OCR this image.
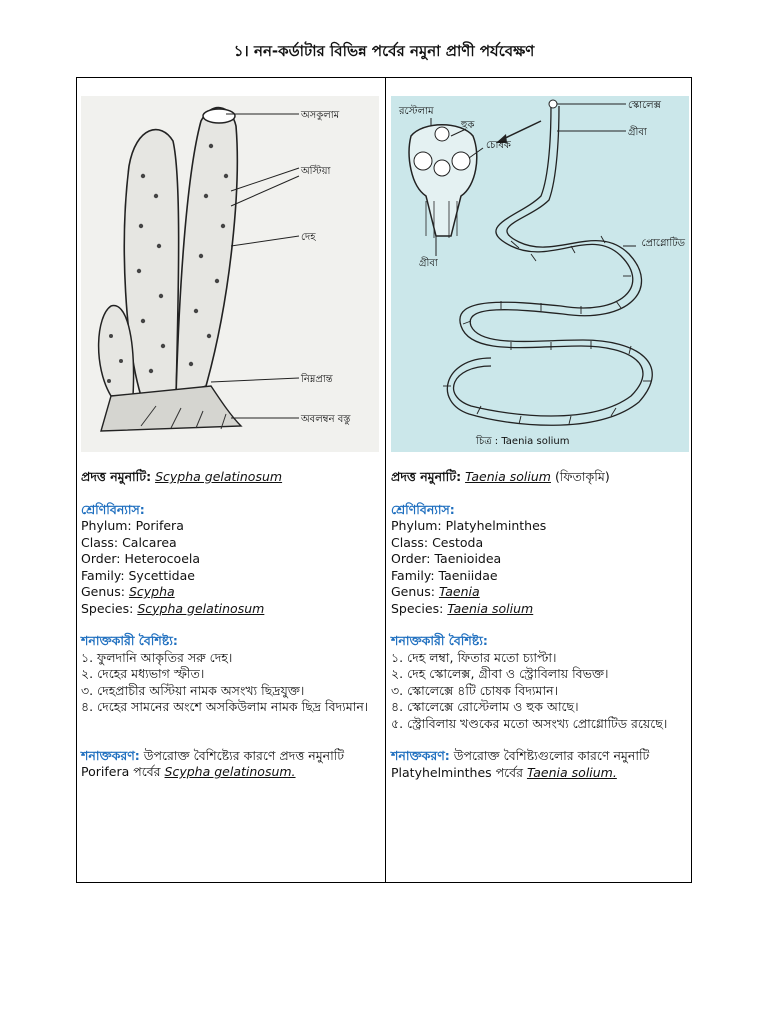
১। নন-কর্ডাটার বিভিন্ন পর্বের নমুনা প্রাণী পর্যবেক্ষণ
অসকুলাম
অস্টিয়া
দেহ
নিম্নপ্রান্ত
অবলম্বন বস্তু

প্রদত্ত নমুনাটি: Scypha gelatinosum

শ্রেণিবিন্যাস:

Phylum: Porifera

Class: Calcarea

Order: Heterocoela

Family: Sycettidae

Genus: Scypha

Species: Scypha gelatinosum

শনাক্তকারী বৈশিষ্ট্য:

১. ফুলদানি আকৃতির সরু দেহ।

২. দেহের মধ্যভাগ স্ফীত।

৩. দেহপ্রাচীর অস্টিয়া নামক অসংখ্য ছিদ্রযুক্ত।

৪. দেহের সামনের অংশে অসকিউলাম নামক ছিদ্র বিদ্যমান।

শনাক্তকরণ: উপরোক্ত বৈশিষ্ট্যের কারণে প্রদত্ত নমুনাটি Porifera পর্বের Scypha gelatinosum.

রস্টেলাম
হুক
চোষক
গ্রীবা
স্কোলেক্স
গ্রীবা
প্রোগ্লোটিড
চিত্র : Taenia solium

প্রদত্ত নমুনাটি: Taenia solium (ফিতাকৃমি)

শ্রেণিবিন্যাস:

Phylum: Platyhelminthes

Class: Cestoda

Order: Taenioidea

Family: Taeniidae

Genus: Taenia

Species: Taenia solium

শনাক্তকারী বৈশিষ্ট্য:

১. দেহ লম্বা, ফিতার মতো চ্যাপ্টা।

২. দেহ স্কোলেক্স, গ্রীবা ও স্ট্রোবিলায় বিভক্ত।

৩. স্কোলেক্সে ৪টি চোষক বিদ্যমান।

৪. স্কোলেক্সে রোস্টেলাম ও হুক আছে।

৫. স্ট্রোবিলায় খণ্ডকের মতো অসংখ্য প্রোগ্লোটিড রয়েছে।

শনাক্তকরণ: উপরোক্ত বৈশিষ্ট্যগুলোর কারণে নমুনাটি Platyhelminthes পর্বের Taenia solium.
